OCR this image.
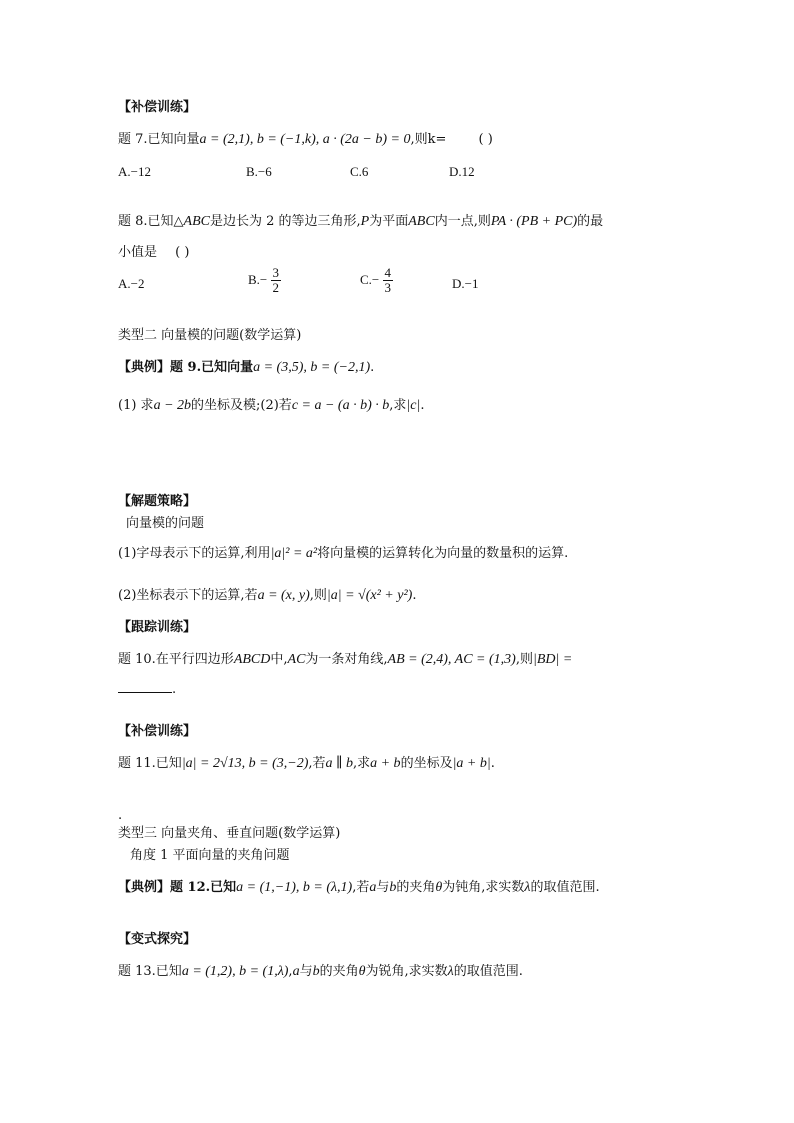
【补偿训练】
题 7.已知向量a = (2,1), b = (−1,k), a · (2a − b) = 0,则k= ( )
A.−12	B.−6	C.6	D.12
题 8.已知△ABC是边长为 2 的等边三角形,P为平面ABC内一点,则PA · (PB + PC)的最
小值是 ( )
A.−2	$B.- \frac{3}{2}$	$C.- \frac{4}{3}$	D.−1
类型二 向量模的问题(数学运算)
【典例】题 9.已知向量a = (3,5), b = (−2,1).
(1) 求a − 2b的坐标及模;(2)若c = a − (a · b) · b,求|c|.
【解题策略】
向量模的问题
(1)字母表示下的运算,利用|a|² = a²将向量模的运算转化为向量的数量积的运算.
(2)坐标表示下的运算,若a = (x, y),则|a| = √(x² + y²).
【跟踪训练】
题 10.在平行四边形ABCD中,AC为一条对角线,AB = (2,4), AC = (1,3),则|BD| =
.
【补偿训练】
题 11.已知|a| = 2√13, b = (3,−2),若a ∥ b,求a + b的坐标及|a + b|.
.
类型三 向量夹角、垂直问题(数学运算)
角度 1 平面向量的夹角问题
【典例】题 12.已知a = (1,−1), b = (λ,1),若a与b的夹角θ为钝角,求实数λ的取值范围.
【变式探究】
题 13.已知a = (1,2), b = (1,λ),a与b的夹角θ为锐角,求实数λ的取值范围.
